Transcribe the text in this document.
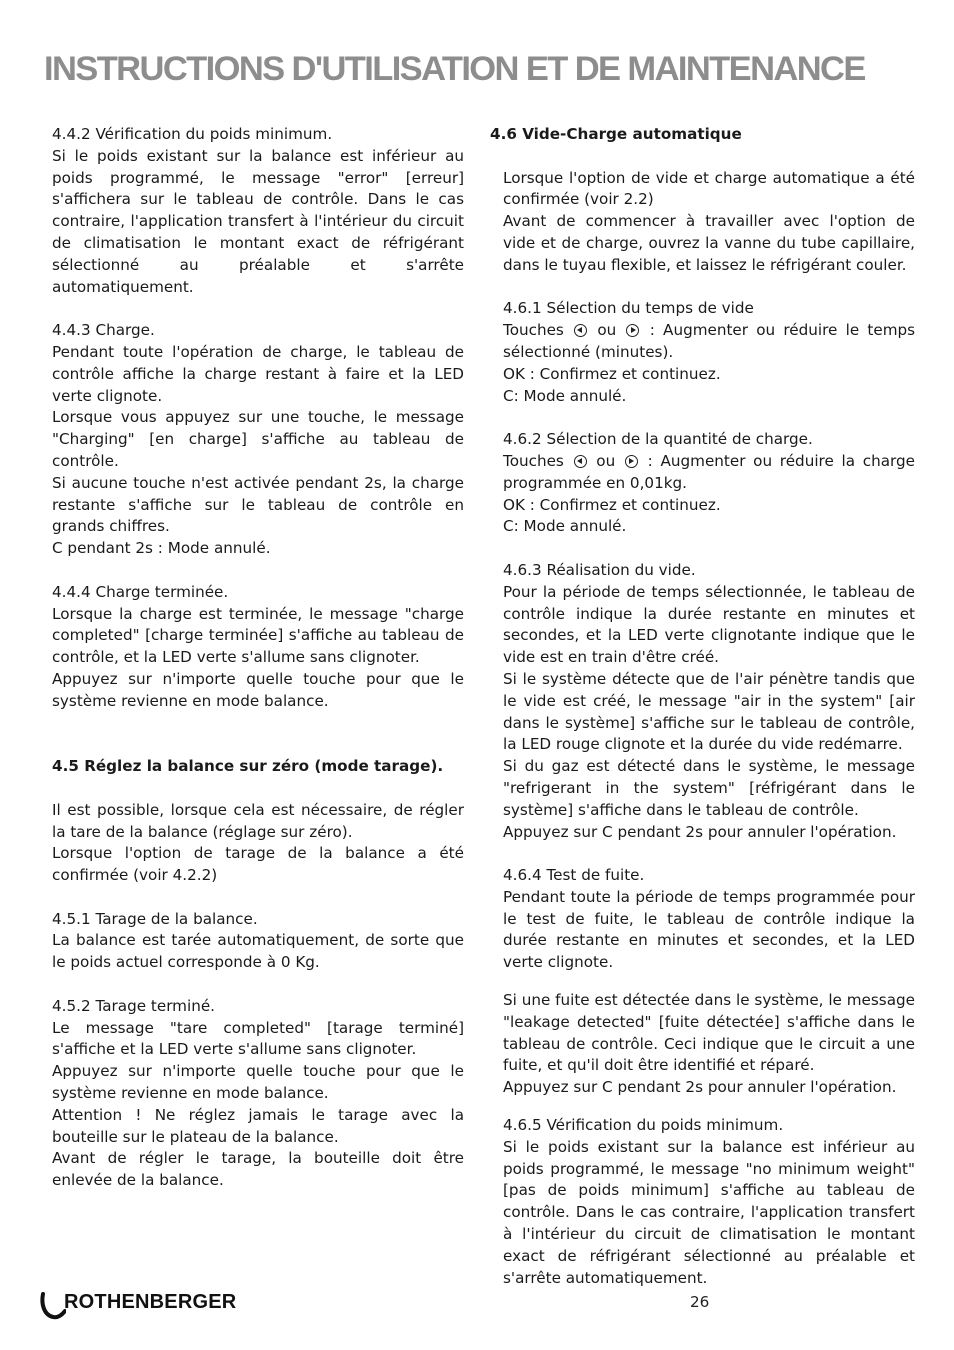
INSTRUCTIONS D'UTILISATION ET DE MAINTENANCE

4.4.2 Vérification du poids minimum.

Si le poids existant sur la balance est inférieur au poids programmé, le message "error" [erreur] s'affichera sur le tableau de contrôle. Dans le cas contraire, l'application transfert à l'intérieur du circuit de climatisation le montant exact de réfrigérant sélectionné au préalable et s'arrête automatiquement.

4.4.3 Charge.

Pendant toute l'opération de charge, le tableau de contrôle affiche la charge restant à faire et la LED verte clignote.

Lorsque vous appuyez sur une touche, le message "Charging" [en charge] s'affiche au tableau de contrôle.

Si aucune touche n'est activée pendant 2s, la charge restante s'affiche sur le tableau de contrôle en grands chiffres.

C pendant 2s : Mode annulé.

4.4.4 Charge terminée.

Lorsque la charge est terminée, le message "charge completed" [charge terminée] s'affiche au tableau de contrôle, et la LED verte s'allume sans clignoter.

Appuyez sur n'importe quelle touche pour que le système revienne en mode balance.

4.5 Réglez la balance sur zéro (mode tarage).

Il est possible, lorsque cela est nécessaire, de régler la tare de la balance (réglage sur zéro).

Lorsque l'option de tarage de la balance a été confirmée (voir 4.2.2)

4.5.1 Tarage de la balance.

La balance est tarée automatiquement, de sorte que le poids actuel corresponde à 0 Kg.

4.5.2 Tarage terminé.

Le message "tare completed" [tarage terminé] s'affiche et la LED verte s'allume sans clignoter.

Appuyez sur n'importe quelle touche pour que le système revienne en mode balance.

Attention ! Ne réglez jamais le tarage avec la bouteille sur le plateau de la balance.

Avant de régler le tarage, la bouteille doit être enlevée de la balance.

4.6 Vide-Charge automatique

Lorsque l'option de vide et charge automatique a été confirmée (voir 2.2)

Avant de commencer à travailler avec l'option de vide et de charge, ouvrez la vanne du tube capillaire, dans le tuyau flexible, et laissez le réfrigérant couler.

4.6.1 Sélection du temps de vide

Touches ou : Augmenter ou réduire le temps sélectionné (minutes).

OK : Confirmez et continuez.

C: Mode annulé.

4.6.2 Sélection de la quantité de charge.

Touches ou : Augmenter ou réduire la charge programmée en 0,01kg.

OK : Confirmez et continuez.

C: Mode annulé.

4.6.3 Réalisation du vide.

Pour la période de temps sélectionnée, le tableau de contrôle indique la durée restante en minutes et secondes, et la LED verte clignotante indique que le vide est en train d'être créé.

Si le système détecte que de l'air pénètre tandis que le vide est créé, le message "air in the system" [air dans le système] s'affiche sur le tableau de contrôle, la LED rouge clignote et la durée du vide redémarre.

Si du gaz est détecté dans le système, le message "refrigerant in the system" [réfrigérant dans le système] s'affiche dans le tableau de contrôle.

Appuyez sur C pendant 2s pour annuler l'opération.

4.6.4 Test de fuite.

Pendant toute la période de temps programmée pour le test de fuite, le tableau de contrôle indique la durée restante en minutes et secondes, et la LED verte clignote.

Si une fuite est détectée dans le système, le message "leakage detected" [fuite détectée] s'affiche dans le tableau de contrôle. Ceci indique que le circuit a une fuite, et qu'il doit être identifié et réparé.

Appuyez sur C pendant 2s pour annuler l'opération.

4.6.5 Vérification du poids minimum.

Si le poids existant sur la balance est inférieur au poids programmé, le message "no minimum weight" [pas de poids minimum] s'affiche au tableau de contrôle. Dans le cas contraire, l'application transfert à l'intérieur du circuit de climatisation le montant exact de réfrigérant sélectionné au préalable et s'arrête automatiquement.

ROTHENBERGER	26
